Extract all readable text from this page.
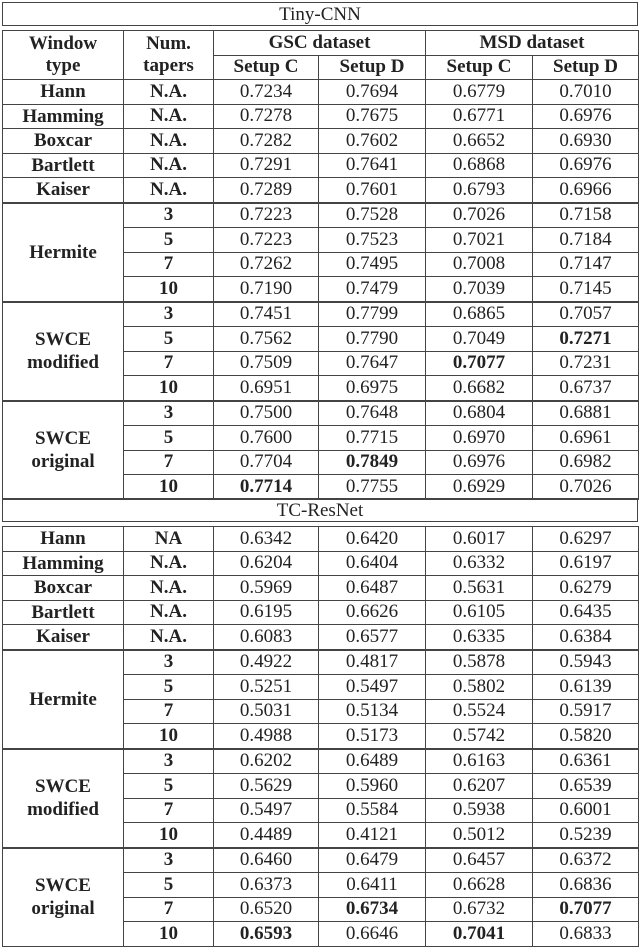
Tiny-CNN
Window
type	Num.
tapers	GSC dataset		MSD dataset	
		Setup C	Setup D	Setup C	Setup D
Hann	N.A.	0.7234	0.7694	0.6779	0.7010
Hamming	N.A.	0.7278	0.7675	0.6771	0.6976
Boxcar	N.A.	0.7282	0.7602	0.6652	0.6930
Bartlett	N.A.	0.7291	0.7641	0.6868	0.6976
Kaiser	N.A.	0.7289	0.7601	0.6793	0.6966
Hermite	3	0.7223	0.7528	0.7026	0.7158
	5	0.7223	0.7523	0.7021	0.7184
	7	0.7262	0.7495	0.7008	0.7147
	10	0.7190	0.7479	0.7039	0.7145
SWCE
modified	3	0.7451	0.7799	0.6865	0.7057
	5	0.7562	0.7790	0.7049	0.7271
	7	0.7509	0.7647	0.7077	0.7231
	10	0.6951	0.6975	0.6682	0.6737
SWCE
original	3	0.7500	0.7648	0.6804	0.6881
	5	0.7600	0.7715	0.6970	0.6961
	7	0.7704	0.7849	0.6976	0.6982
	10	0.7714	0.7755	0.6929	0.7026
TC-ResNet
Hann	NA	0.6342	0.6420	0.6017	0.6297
Hamming	N.A.	0.6204	0.6404	0.6332	0.6197
Boxcar	N.A.	0.5969	0.6487	0.5631	0.6279
Bartlett	N.A.	0.6195	0.6626	0.6105	0.6435
Kaiser	N.A.	0.6083	0.6577	0.6335	0.6384
Hermite	3	0.4922	0.4817	0.5878	0.5943
	5	0.5251	0.5497	0.5802	0.6139
	7	0.5031	0.5134	0.5524	0.5917
	10	0.4988	0.5173	0.5742	0.5820
SWCE
modified	3	0.6202	0.6489	0.6163	0.6361
	5	0.5629	0.5960	0.6207	0.6539
	7	0.5497	0.5584	0.5938	0.6001
	10	0.4489	0.4121	0.5012	0.5239
SWCE
original	3	0.6460	0.6479	0.6457	0.6372
	5	0.6373	0.6411	0.6628	0.6836
	7	0.6520	0.6734	0.6732	0.7077
	10	0.6593	0.6646	0.7041	0.6833
